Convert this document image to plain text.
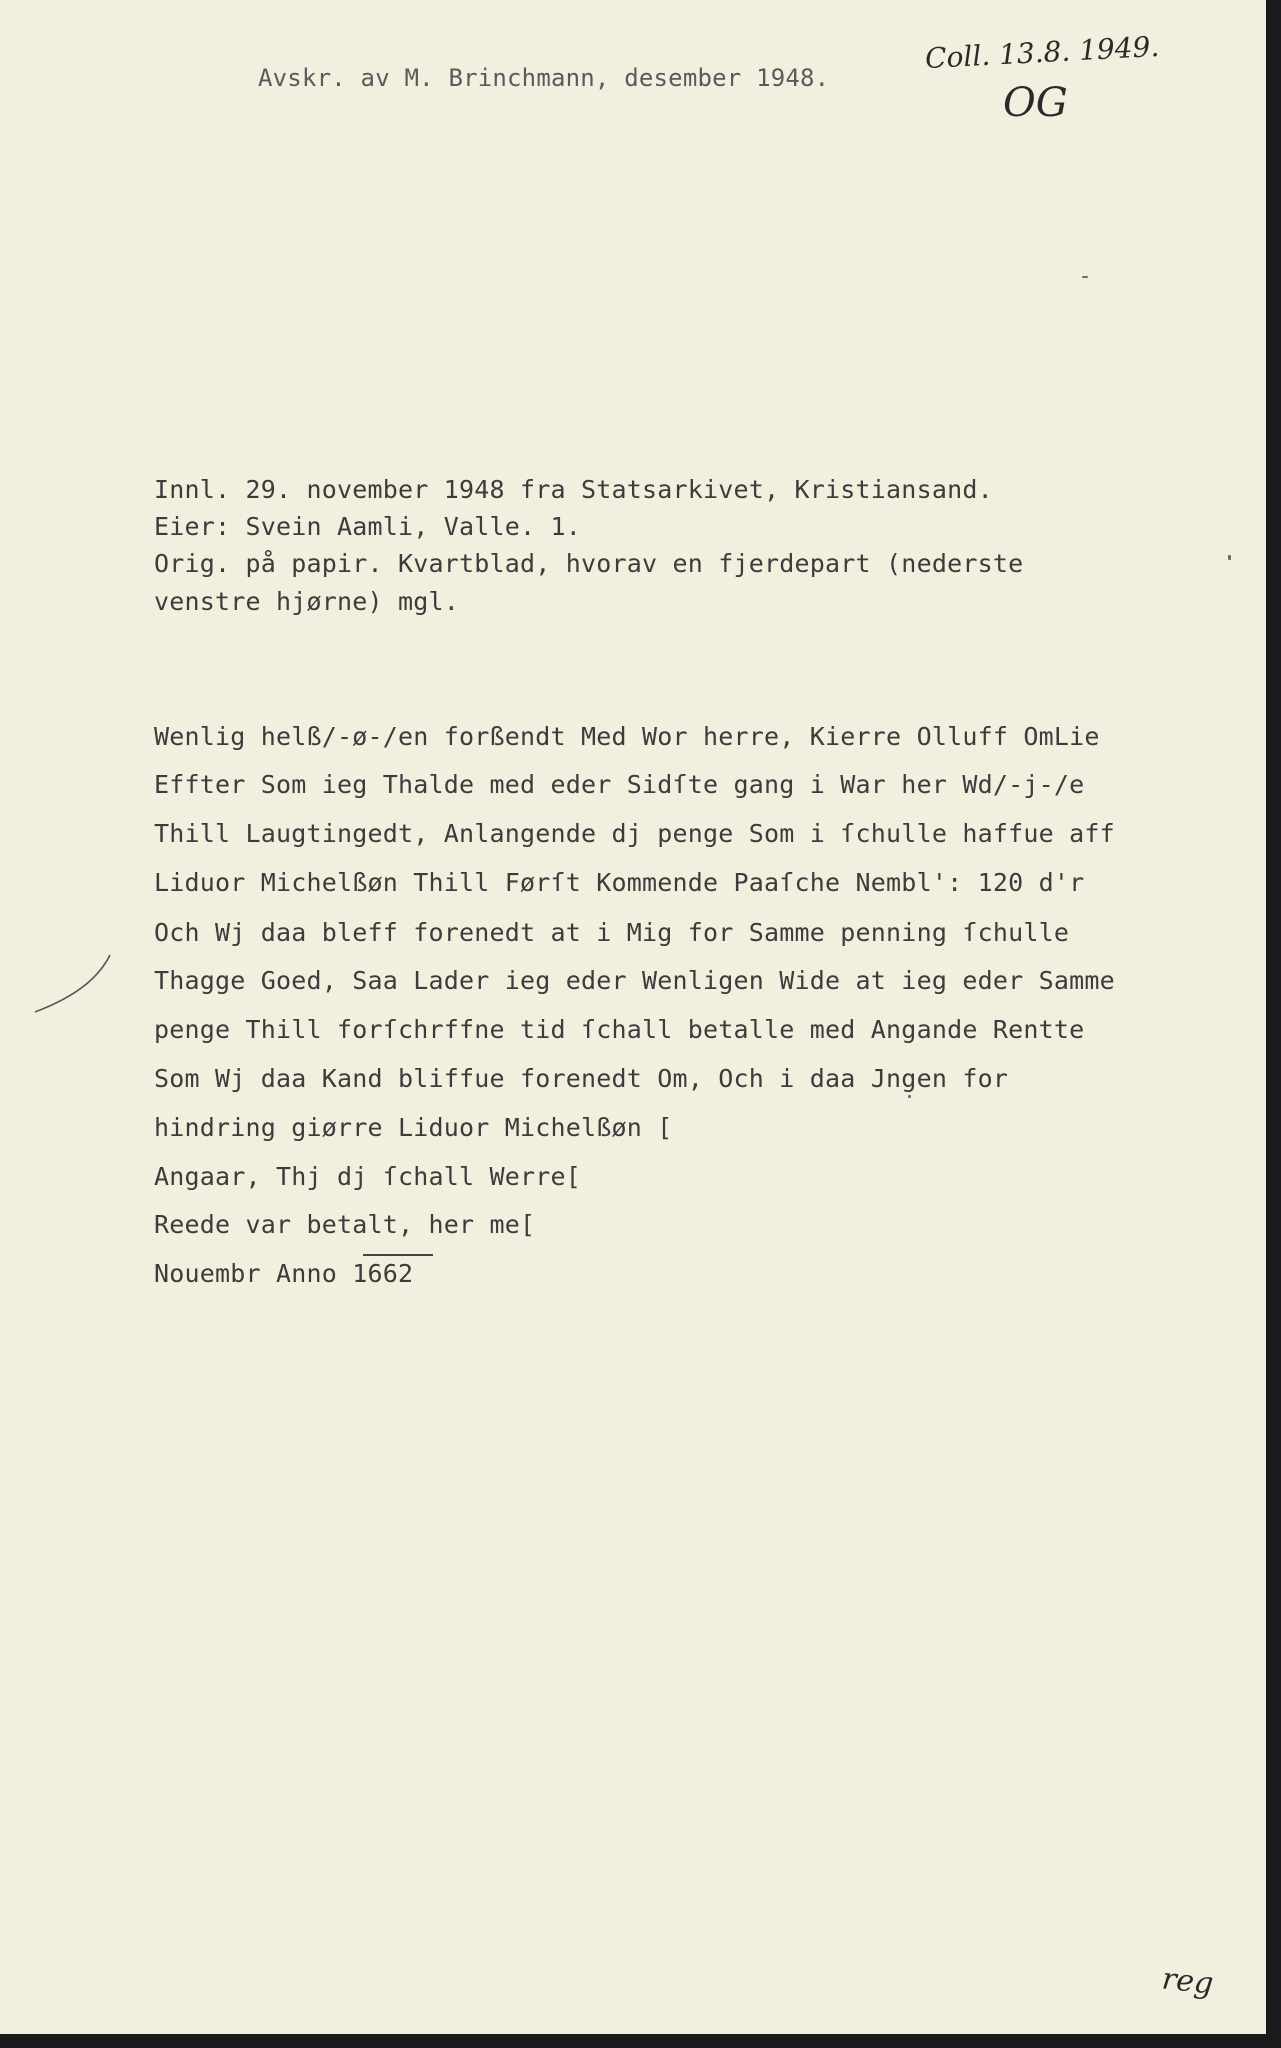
Avskr. av M. Brinchmann, desember 1948.
Coll. 13.8. 1949.
OG
Innl. 29. november 1948 fra Statsarkivet, Kristiansand.
Eier: Svein Aamli, Valle. 1.
Orig. på papir. Kvartblad, hvorav en fjerdepart (nederste
venstre hjørne) mgl.
Wenlig helß/-ø-/en forßendt Med Wor herre, Kierre Olluff OmLie
Effter Som ieg Thalde med eder Sidſte gang i War her Wd/-j-/e
Thill Laugtingedt, Anlangende dj penge Som i ſchulle haffue aff
Liduor Michelßøn Thill Førſt Kommende Paaſche Nembl': 120 d'r
Och Wj daa bleff forenedt at i Mig for Samme penning ſchulle
Thagge Goed, Saa Lader ieg eder Wenligen Wide at ieg eder Samme
penge Thill forſchrffne tid ſchall betalle med Angande Rentte
Som Wj daa Kand bliffue forenedt Om, Och i daa Jngen for
hindring giørre Liduor Michelßøn [
Angaar, Thj dj ſchall Werre[
Reede var betalt, her me[
Nouembr Anno 1662
reg
